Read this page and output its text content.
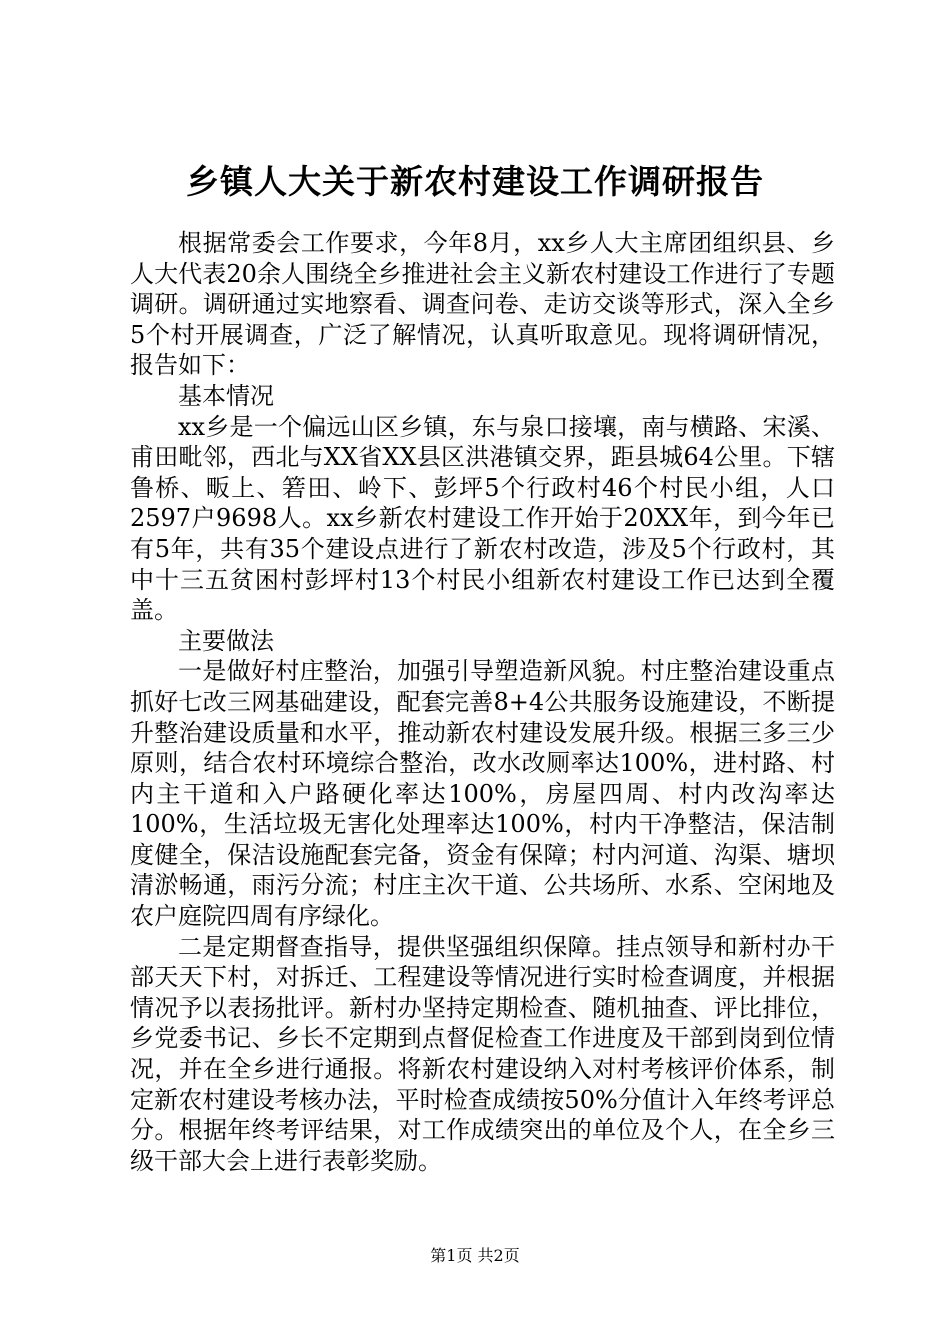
乡镇人大关于新农村建设工作调研报告

根据常委会工作要求，今年8月，xx乡人大主席团组织县、乡人大代表20余人围绕全乡推进社会主义新农村建设工作进行了专题调研。调研通过实地察看、调查问卷、走访交谈等形式，深入全乡5个村开展调查，广泛了解情况，认真听取意见。现将调研情况，报告如下：

基本情况

xx乡是一个偏远山区乡镇，东与泉口接壤，南与横路、宋溪、甫田毗邻，西北与XX省XX县区洪港镇交界，距县城64公里。下辖鲁桥、畈上、箬田、岭下、彭坪5个行政村46个村民小组，人口2597户9698人。xx乡新农村建设工作开始于20XX年，到今年已有5年，共有35个建设点进行了新农村改造，涉及5个行政村，其中十三五贫困村彭坪村13个村民小组新农村建设工作已达到全覆盖。

主要做法

一是做好村庄整治，加强引导塑造新风貌。村庄整治建设重点抓好七改三网基础建设，配套完善8+4公共服务设施建设，不断提升整治建设质量和水平，推动新农村建设发展升级。根据三多三少原则，结合农村环境综合整治，改水改厕率达100%，进村路、村内主干道和入户路硬化率达100%，房屋四周、村内改沟率达100%，生活垃圾无害化处理率达100%，村内干净整洁，保洁制度健全，保洁设施配套完备，资金有保障；村内河道、沟渠、塘坝清淤畅通，雨污分流；村庄主次干道、公共场所、水系、空闲地及农户庭院四周有序绿化。

二是定期督查指导，提供坚强组织保障。挂点领导和新村办干部天天下村，对拆迁、工程建设等情况进行实时检查调度，并根据情况予以表扬批评。新村办坚持定期检查、随机抽查、评比排位，乡党委书记、乡长不定期到点督促检查工作进度及干部到岗到位情况，并在全乡进行通报。将新农村建设纳入对村考核评价体系，制定新农村建设考核办法，平时检查成绩按50%分值计入年终考评总分。根据年终考评结果，对工作成绩突出的单位及个人，在全乡三级干部大会上进行表彰奖励。

第1页 共2页
